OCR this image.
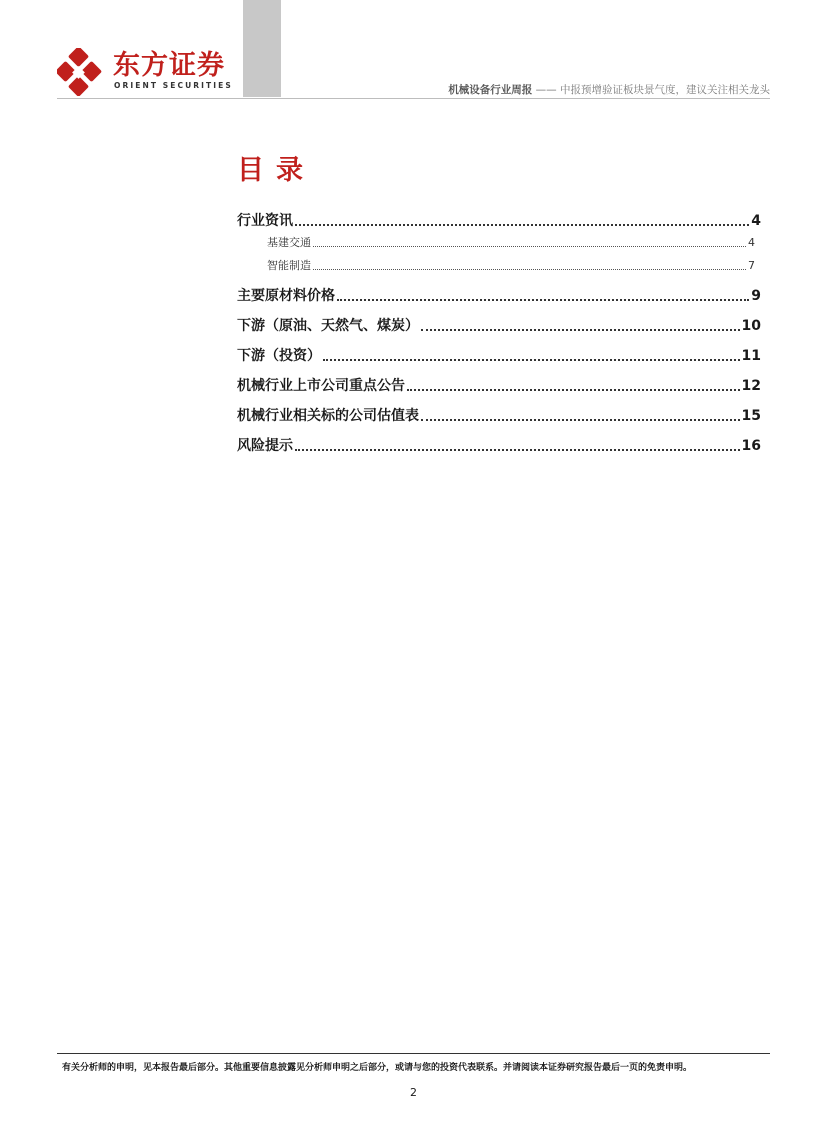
东方证券
ORIENT SECURITIES	机械设备行业周报 —— 中报预增验证板块景气度，建议关注相关龙头
目录
行业资讯	4
基建交通	4
智能制造	7
主要原材料价格	9
下游（原油、天然气、煤炭）	10
下游（投资）	11
机械行业上市公司重点公告	12
机械行业相关标的公司估值表	15
风险提示	16
有关分析师的申明，见本报告最后部分。其他重要信息披露见分析师申明之后部分，或请与您的投资代表联系。并请阅读本证券研究报告最后一页的免责申明。
2
